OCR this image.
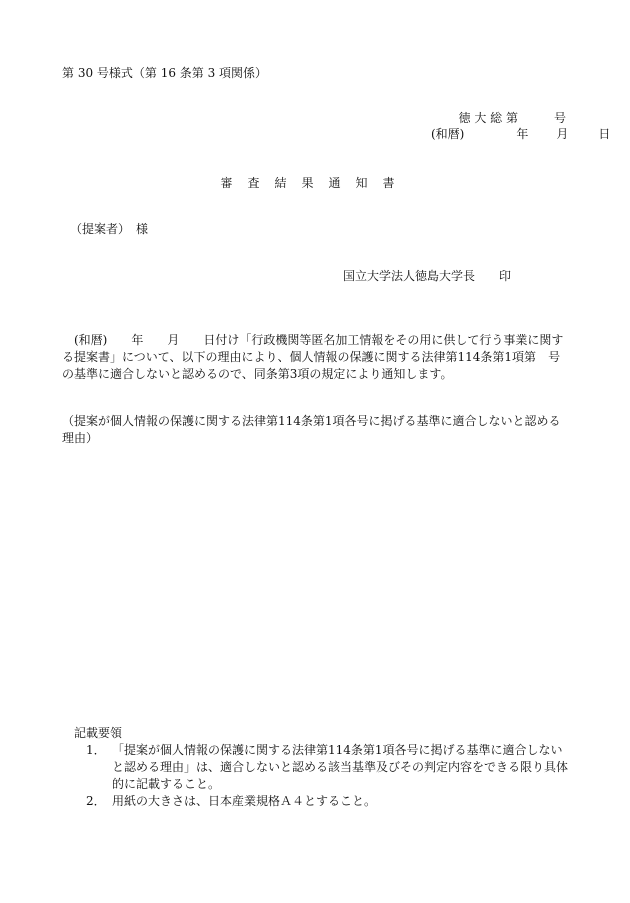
第 30 号様式（第 16 条第 3 項関係）
徳 大 総 第　　　号
(和暦)	年 月	日
審査結果通知書
（提案者）　様
国立大学法人徳島大学長　　印
(和暦)　　年　　月　　日付け「行政機関等匿名加工情報をその用に供して行う事業に関する提案書」について、以下の理由により、個人情報の保護に関する法律第114条第1項第　号の基準に適合しないと認めるので、同条第3項の規定により通知します。
（提案が個人情報の保護に関する法律第114条第1項各号に掲げる基準に適合しないと認める理由）
記載要領
1． 「提案が個人情報の保護に関する法律第114条第1項各号に掲げる基準に適合しないと認める理由」は、適合しないと認める該当基準及びその判定内容をできる限り具体的に記載すること。
2． 用紙の大きさは、日本産業規格Ａ４とすること。
